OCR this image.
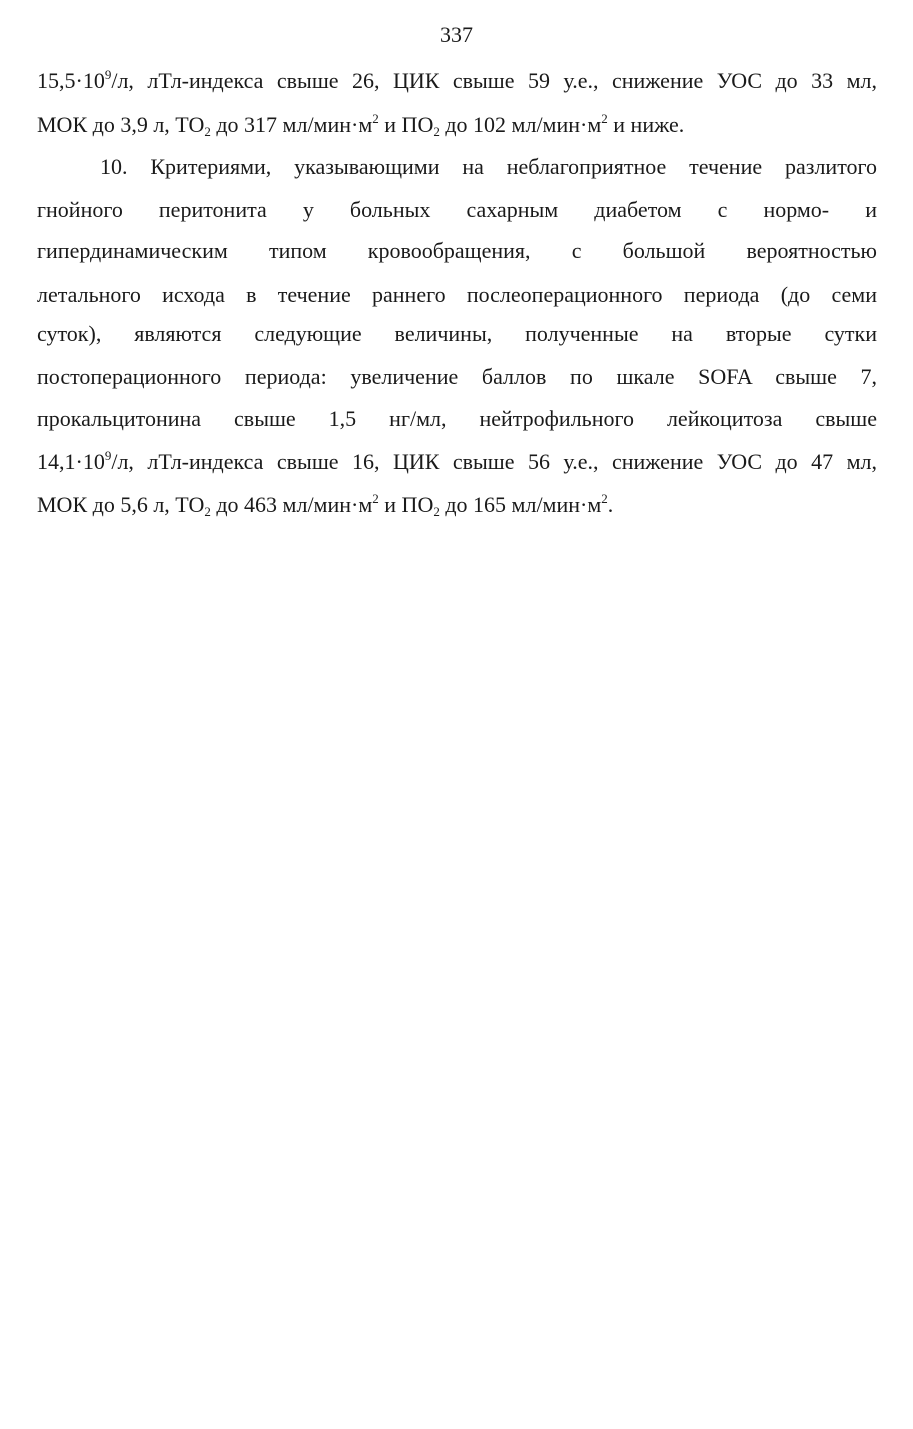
337
$15,5\cdot 10^9/л$, лТл-индекса свыше 26, ЦИК свыше 59 у.е., снижение УОС до 33 мл,
МОК до 3,9 л, $ТО_2$ до 317 $мл/мин\cdot м^2$ и $ПО_2$ до 102 $мл/мин\cdot м^2$ и ниже.
10. Критериями, указывающими на неблагоприятное течение разлитого
гнойного перитонита у больных сахарным диабетом с нормо- и
гипердинамическим типом кровообращения, с большой вероятностью
летального исхода в течение раннего послеоперационного периода (до семи
суток), являются следующие величины, полученные на вторые сутки
постоперационного периода: увеличение баллов по шкале SOFA свыше 7,
прокальцитонина свыше 1,5 нг/мл, нейтрофильного лейкоцитоза свыше
$14,1\cdot 10^9/л$, лТл-индекса свыше 16, ЦИК свыше 56 у.е., снижение УОС до 47 мл,
МОК до 5,6 л, $ТО_2$ до 463 $мл/мин\cdot м^2$ и $ПО_2$ до 165 $мл/мин\cdot м^2$.
